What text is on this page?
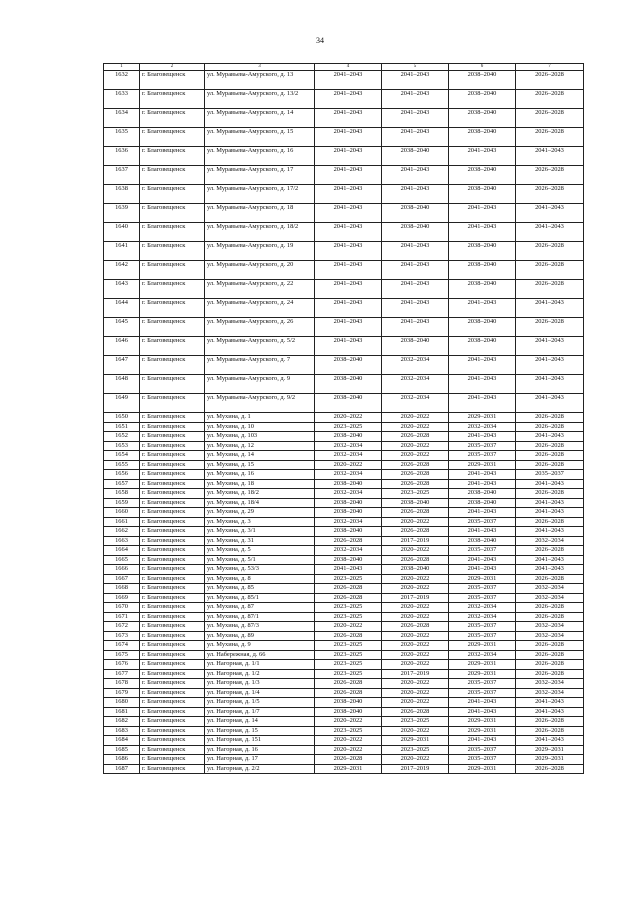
34
1	2	3	4	5	6	7
1632	г. Благовещенск	ул. Муравьева-Амурского, д. 13	2041–2043	2041–2043	2038–2040	2026–2028
1633	г. Благовещенск	ул. Муравьева-Амурского, д. 13/2	2041–2043	2041–2043	2038–2040	2026–2028
1634	г. Благовещенск	ул. Муравьева-Амурского, д. 14	2041–2043	2041–2043	2038–2040	2026–2028
1635	г. Благовещенск	ул. Муравьева-Амурского, д. 15	2041–2043	2041–2043	2038–2040	2026–2028
1636	г. Благовещенск	ул. Муравьева-Амурского, д. 16	2041–2043	2038–2040	2041–2043	2041–2043
1637	г. Благовещенск	ул. Муравьева-Амурского, д. 17	2041–2043	2041–2043	2038–2040	2026–2028
1638	г. Благовещенск	ул. Муравьева-Амурского, д. 17/2	2041–2043	2041–2043	2038–2040	2026–2028
1639	г. Благовещенск	ул. Муравьева-Амурского, д. 18	2041–2043	2038–2040	2041–2043	2041–2043
1640	г. Благовещенск	ул. Муравьева-Амурского, д. 18/2	2041–2043	2038–2040	2041–2043	2041–2043
1641	г. Благовещенск	ул. Муравьева-Амурского, д. 19	2041–2043	2041–2043	2038–2040	2026–2028
1642	г. Благовещенск	ул. Муравьева-Амурского, д. 20	2041–2043	2041–2043	2038–2040	2026–2028
1643	г. Благовещенск	ул. Муравьева-Амурского, д. 22	2041–2043	2041–2043	2038–2040	2026–2028
1644	г. Благовещенск	ул. Муравьева-Амурского, д. 24	2041–2043	2041–2043	2041–2043	2041–2043
1645	г. Благовещенск	ул. Муравьева-Амурского, д. 26	2041–2043	2041–2043	2038–2040	2026–2028
1646	г. Благовещенск	ул. Муравьева-Амурского, д. 5/2	2041–2043	2038–2040	2038–2040	2041–2043
1647	г. Благовещенск	ул. Муравьева-Амурского, д. 7	2038–2040	2032–2034	2041–2043	2041–2043
1648	г. Благовещенск	ул. Муравьева-Амурского, д. 9	2038–2040	2032–2034	2041–2043	2041–2043
1649	г. Благовещенск	ул. Муравьева-Амурского, д. 9/2	2038–2040	2032–2034	2041–2043	2041–2043
1650	г. Благовещенск	ул. Мухина, д. 1	2020–2022	2020–2022	2029–2031	2026–2028
1651	г. Благовещенск	ул. Мухина, д. 10	2023–2025	2020–2022	2032–2034	2026–2028
1652	г. Благовещенск	ул. Мухина, д. 103	2038–2040	2026–2028	2041–2043	2041–2043
1653	г. Благовещенск	ул. Мухина, д. 12	2032–2034	2020–2022	2035–2037	2026–2028
1654	г. Благовещенск	ул. Мухина, д. 14	2032–2034	2020–2022	2035–2037	2026–2028
1655	г. Благовещенск	ул. Мухина, д. 15	2020–2022	2026–2028	2029–2031	2026–2028
1656	г. Благовещенск	ул. Мухина, д. 16	2032–2034	2026–2028	2041–2043	2035–2037
1657	г. Благовещенск	ул. Мухина, д. 18	2038–2040	2026–2028	2041–2043	2041–2043
1658	г. Благовещенск	ул. Мухина, д. 18/2	2032–2034	2023–2025	2038–2040	2026–2028
1659	г. Благовещенск	ул. Мухина, д. 18/4	2038–2040	2038–2040	2038–2040	2041–2043
1660	г. Благовещенск	ул. Мухина, д. 29	2038–2040	2026–2028	2041–2043	2041–2043
1661	г. Благовещенск	ул. Мухина, д. 3	2032–2034	2020–2022	2035–2037	2026–2028
1662	г. Благовещенск	ул. Мухина, д. 3/1	2038–2040	2026–2028	2041–2043	2041–2043
1663	г. Благовещенск	ул. Мухина, д. 31	2026–2028	2017–2019	2038–2040	2032–2034
1664	г. Благовещенск	ул. Мухина, д. 5	2032–2034	2020–2022	2035–2037	2026–2028
1665	г. Благовещенск	ул. Мухина, д. 5/1	2038–2040	2026–2028	2041–2043	2041–2043
1666	г. Благовещенск	ул. Мухина, д. 53/3	2041–2043	2038–2040	2041–2043	2041–2043
1667	г. Благовещенск	ул. Мухина, д. 8	2023–2025	2020–2022	2029–2031	2026–2028
1668	г. Благовещенск	ул. Мухина, д. 85	2026–2028	2020–2022	2035–2037	2032–2034
1669	г. Благовещенск	ул. Мухина, д. 85/1	2026–2028	2017–2019	2035–2037	2032–2034
1670	г. Благовещенск	ул. Мухина, д. 87	2023–2025	2020–2022	2032–2034	2026–2028
1671	г. Благовещенск	ул. Мухина, д. 87/1	2023–2025	2020–2022	2032–2034	2026–2028
1672	г. Благовещенск	ул. Мухина, д. 87/3	2020–2022	2026–2028	2035–2037	2032–2034
1673	г. Благовещенск	ул. Мухина, д. 89	2026–2028	2020–2022	2035–2037	2032–2034
1674	г. Благовещенск	ул. Мухина, д. 9	2023–2025	2020–2022	2029–2031	2026–2028
1675	г. Благовещенск	ул. Набережная, д. 66	2023–2025	2020–2022	2032–2034	2026–2028
1676	г. Благовещенск	ул. Нагорная, д. 1/1	2023–2025	2020–2022	2029–2031	2026–2028
1677	г. Благовещенск	ул. Нагорная, д. 1/2	2023–2025	2017–2019	2029–2031	2026–2028
1678	г. Благовещенск	ул. Нагорная, д. 1/3	2026–2028	2020–2022	2035–2037	2032–2034
1679	г. Благовещенск	ул. Нагорная, д. 1/4	2026–2028	2020–2022	2035–2037	2032–2034
1680	г. Благовещенск	ул. Нагорная, д. 1/5	2038–2040	2020–2022	2041–2043	2041–2043
1681	г. Благовещенск	ул. Нагорная, д. 1/7	2038–2040	2026–2028	2041–2043	2041–2043
1682	г. Благовещенск	ул. Нагорная, д. 14	2020–2022	2023–2025	2029–2031	2026–2028
1683	г. Благовещенск	ул. Нагорная, д. 15	2023–2025	2020–2022	2029–2031	2026–2028
1684	г. Благовещенск	ул. Нагорная, д. 151	2020–2022	2029–2031	2041–2043	2041–2043
1685	г. Благовещенск	ул. Нагорная, д. 16	2020–2022	2023–2025	2035–2037	2029–2031
1686	г. Благовещенск	ул. Нагорная, д. 17	2026–2028	2020–2022	2035–2037	2029–2031
1687	г. Благовещенск	ул. Нагорная, д. 2/2	2029–2031	2017–2019	2029–2031	2026–2028
